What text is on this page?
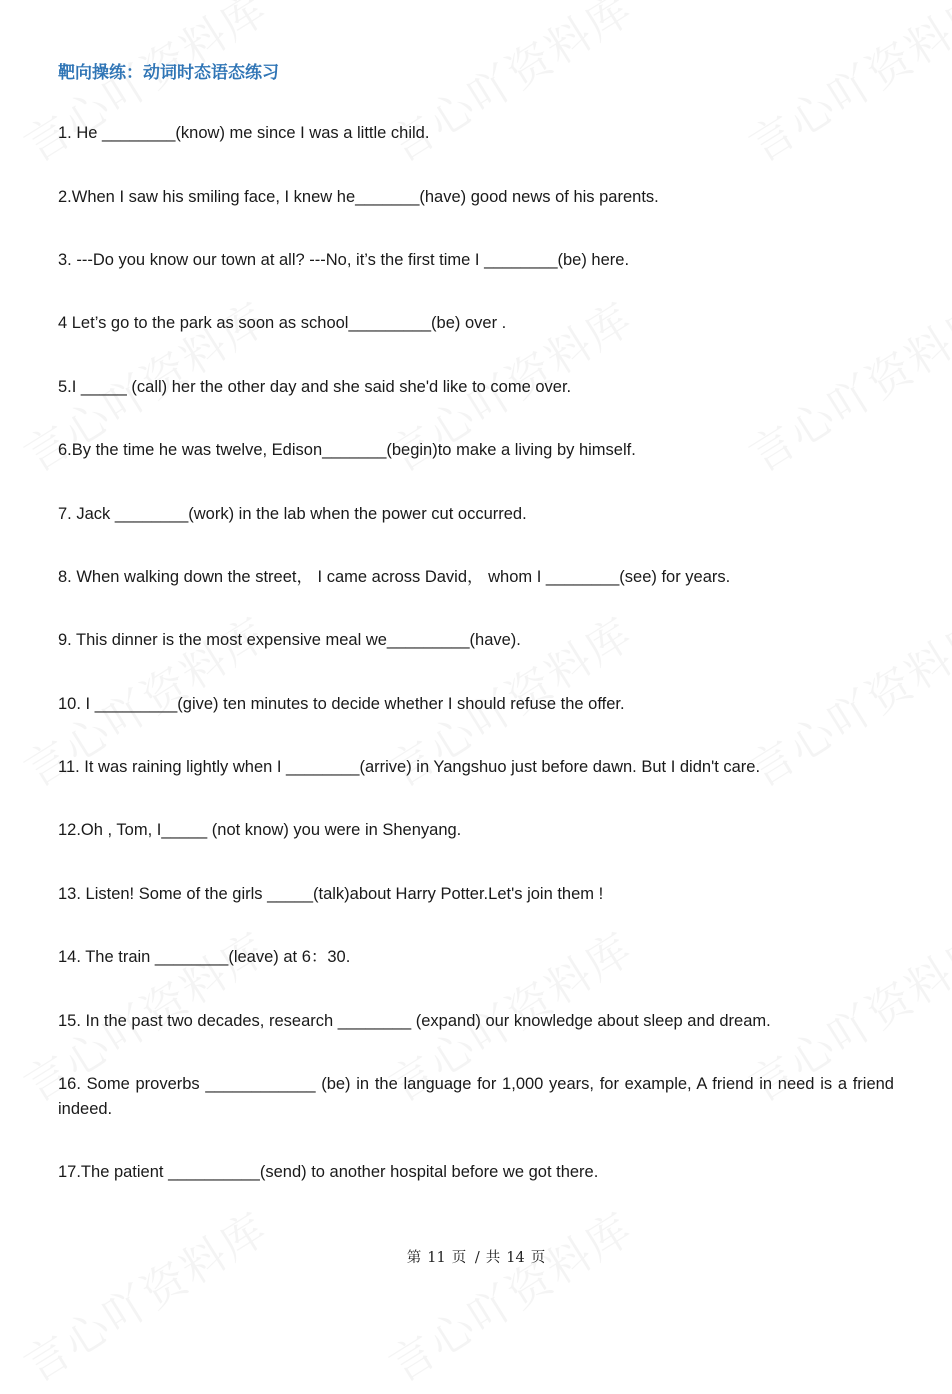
靶向操练：动词时态语态练习
1. He ________(know) me since I was a little child.
2.When I saw his smiling face, I knew he_______(have) good news of his parents.
3. ---Do you know our town at all? ---No, it’s the first time I ________(be) here.
4 Let’s go to the park as soon as school_________(be) over .
5.I _____ (call) her the other day and she said she'd like to come over.
6.By the time he was twelve, Edison_______(begin)to make a living by himself.
7. Jack ________(work) in the lab when the power cut occurred.
8. When walking down the street， I came across David， whom I ________(see) for years.
9. This dinner is the most expensive meal we_________(have).
10. I _________(give) ten minutes to decide whether I should refuse the offer.
11. It was raining lightly when I ________(arrive) in Yangshuo just before dawn. But I didn't care.
12.Oh , Tom, I_____ (not know) you were in Shenyang.
13. Listen! Some of the girls _____(talk)about Harry Potter.Let's join them !
14. The train ________(leave) at 6：30.
15. In the past two decades, research ________ (expand) our knowledge about sleep and dream.
16. Some proverbs ____________ (be) in the language for 1,000 years, for example, A friend in need is a friend indeed.
17.The patient __________(send) to another hospital before we got there.
第 11 页 / 共 14 页
